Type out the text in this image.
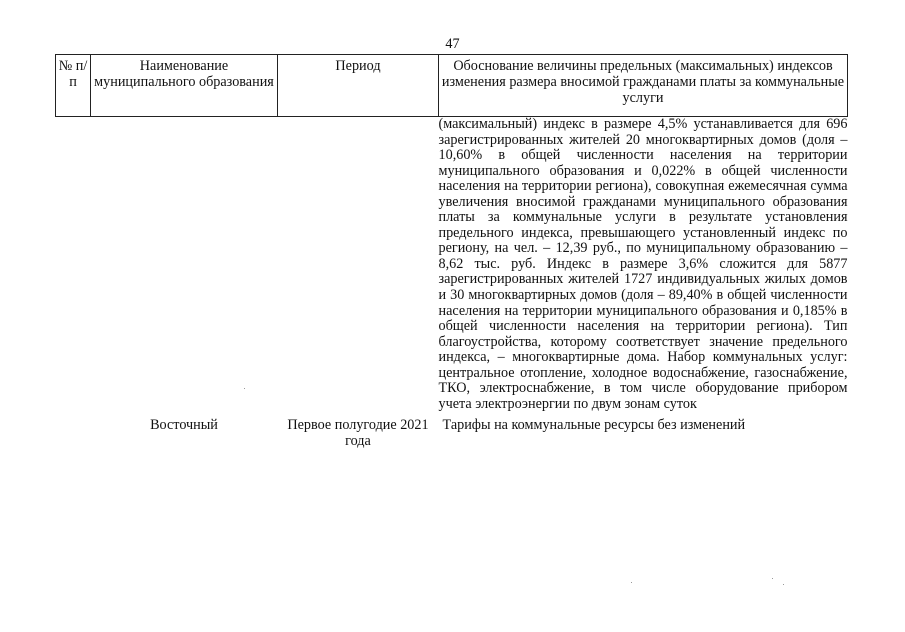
47
№ п/п	Наименование муниципального образования	Период	Обоснование величины предельных (максимальных) индексов изменения размера вносимой гражданами платы за коммунальные услуги
			(максимальный) индекс в размере 4,5% устанавливается для 696 зарегистрированных жителей 20 многоквартирных домов (доля – 10,60% в общей численности населения на территории муниципального образования и 0,022% в общей численности населения на территории региона), совокупная ежемесячная сумма увеличения вносимой гражданами муниципального образования платы за коммунальные услуги в результате установления предельного индекса, превышающего установленный индекс по региону, на чел. – 12,39 руб., по муниципальному образованию – 8,62 тыс. руб. Индекс в размере 3,6% сложится для 5877 зарегистрированных жителей 1727 индивидуальных жилых домов и 30 многоквартирных домов (доля – 89,40% в общей численности населения на территории муниципального образования и 0,185% в общей численности населения на территории региона). Тип благоустройства, которому соответствует значение предельного индекса, – многоквартирные дома. Набор коммунальных услуг: центральное отопление, холодное водоснабжение, газоснабжение, ТКО, электроснабжение, в том числе оборудование прибором учета электроэнергии по двум зонам суток
	Восточный	Первое полугодие 2021 года	Тарифы на коммунальные ресурсы без изменений
